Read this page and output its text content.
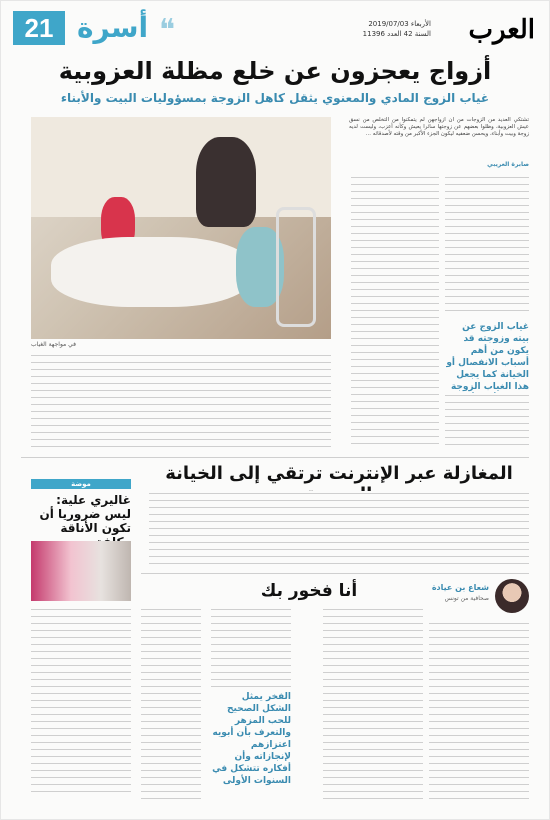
العرب
الأربعاء 2019/07/03
السنة 42 العدد 11396
❝
أسرة
21
أزواج يعجزون عن خلع مظلة العزوبية
غياب الزوج المادي والمعنوي يثقل كاهل الزوجة بمسؤوليات البيت والأبناء
في مواجهة الغياب
تشتكي العديد من الزوجات من أن أزواجهن لم يتمكنوا من التخلص من نسق عيش العزوبية، وظلوا بعضهم عن زوجتها سائرا يعيش وكأنه أعزب، وليست لديه زوجة وبيت وأبناء، ويحسن ضعفيه ليكون الجزء الأكبر من وقته لأصدقائه ...
صابرة العريبي
غياب الزوج عن بيته وزوجته قد يكون من أهم أسباب الانفصال أو الخيانة كما يجعل هذا الغياب الزوجة
المغازلة عبر الإنترنت ترتقي إلى الخيانة
موضة
غاليري علية: ليس ضروريا أن تكون الأناقة
شعاع بن عيادة
صحافية من تونس
أنا فخور بك
الفخر يمثل الشكل الصحيح للحب المزهر والتعرف بأن أبويه اعتزازهم لإنجازاته وأن أفكاره تتشكل في السنوات الأولى
